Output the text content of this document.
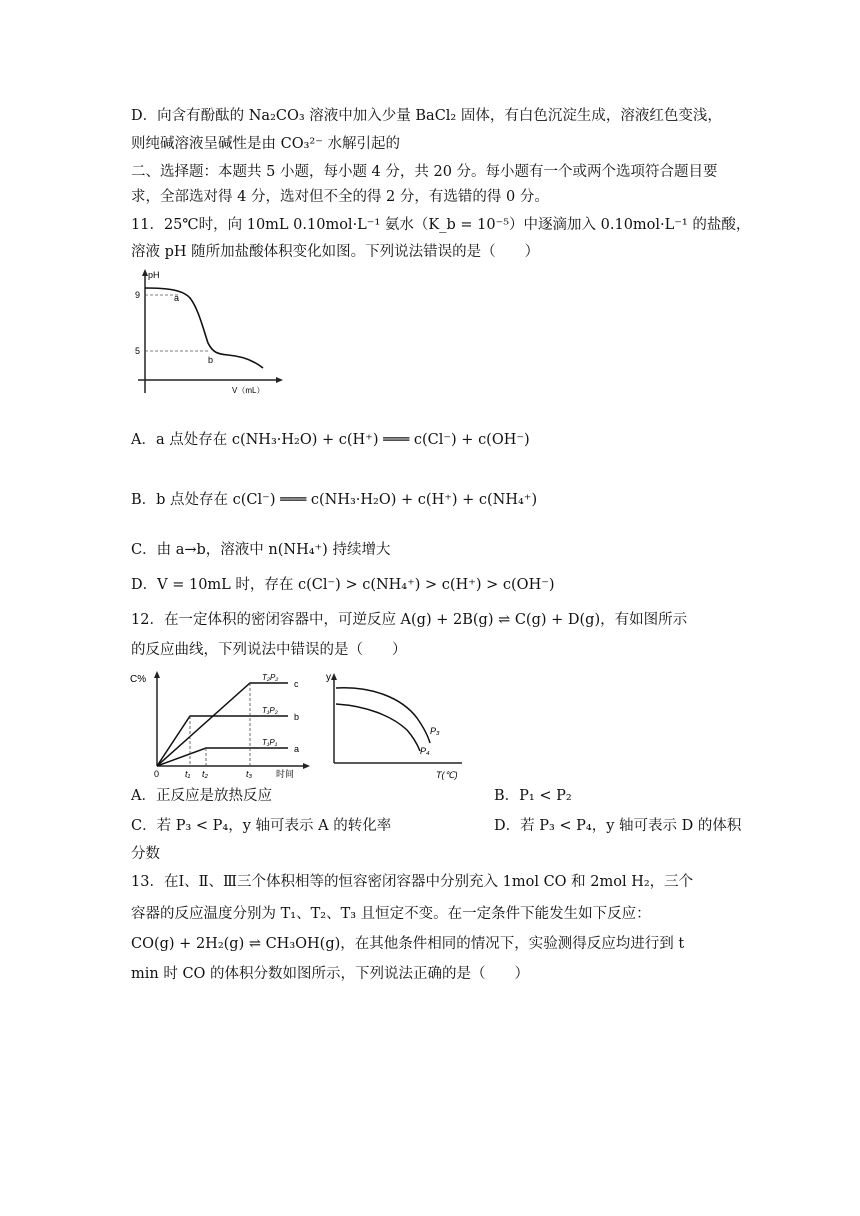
D．向含有酚酞的 Na₂CO₃ 溶液中加入少量 BaCl₂ 固体，有白色沉淀生成，溶液红色变浅，
则纯碱溶液呈碱性是由 CO₃²⁻ 水解引起的
二、选择题：本题共 5 小题，每小题 4 分，共 20 分。每小题有一个或两个选项符合题目要
求，全部选对得 4 分，选对但不全的得 2 分，有选错的得 0 分。
11．25℃时，向 10mL 0.10mol·L⁻¹ 氨水（K_b = 10⁻⁵）中逐滴加入 0.10mol·L⁻¹ 的盐酸，
溶液 pH 随所加盐酸体积变化如图。下列说法错误的是（　　）
pH
9
5
a
b
V（mL）
A．a 点处存在 c(NH₃·H₂O) + c(H⁺) ═══ c(Cl⁻) + c(OH⁻)
B．b 点处存在 c(Cl⁻) ═══ c(NH₃·H₂O) + c(H⁺) + c(NH₄⁺)
C．由 a→b，溶液中 n(NH₄⁺) 持续增大
D．V = 10mL 时，存在 c(Cl⁻) > c(NH₄⁺) > c(H⁺) > c(OH⁻)
12．在一定体积的密闭容器中，可逆反应 A(g) + 2B(g) ⇌ C(g) + D(g)，有如图所示
的反应曲线，下列说法中错误的是（　　）
C%
0	t₁ t₂	t₃	时间
T₂P₂
T₁P₂
T₁P₁
c
b
a
y
P₃
P₄
T(℃)
A．正反应是放热反应	B．P₁ < P₂
C．若 P₃ < P₄，y 轴可表示 A 的转化率	D．若 P₃ < P₄，y 轴可表示 D 的体积
分数
13．在Ⅰ、Ⅱ、Ⅲ三个体积相等的恒容密闭容器中分别充入 1mol CO 和 2mol H₂，三个
容器的反应温度分别为 T₁、T₂、T₃ 且恒定不变。在一定条件下能发生如下反应：
CO(g) + 2H₂(g) ⇌ CH₃OH(g)，在其他条件相同的情况下，实验测得反应均进行到 t
min 时 CO 的体积分数如图所示，下列说法正确的是（　　）
